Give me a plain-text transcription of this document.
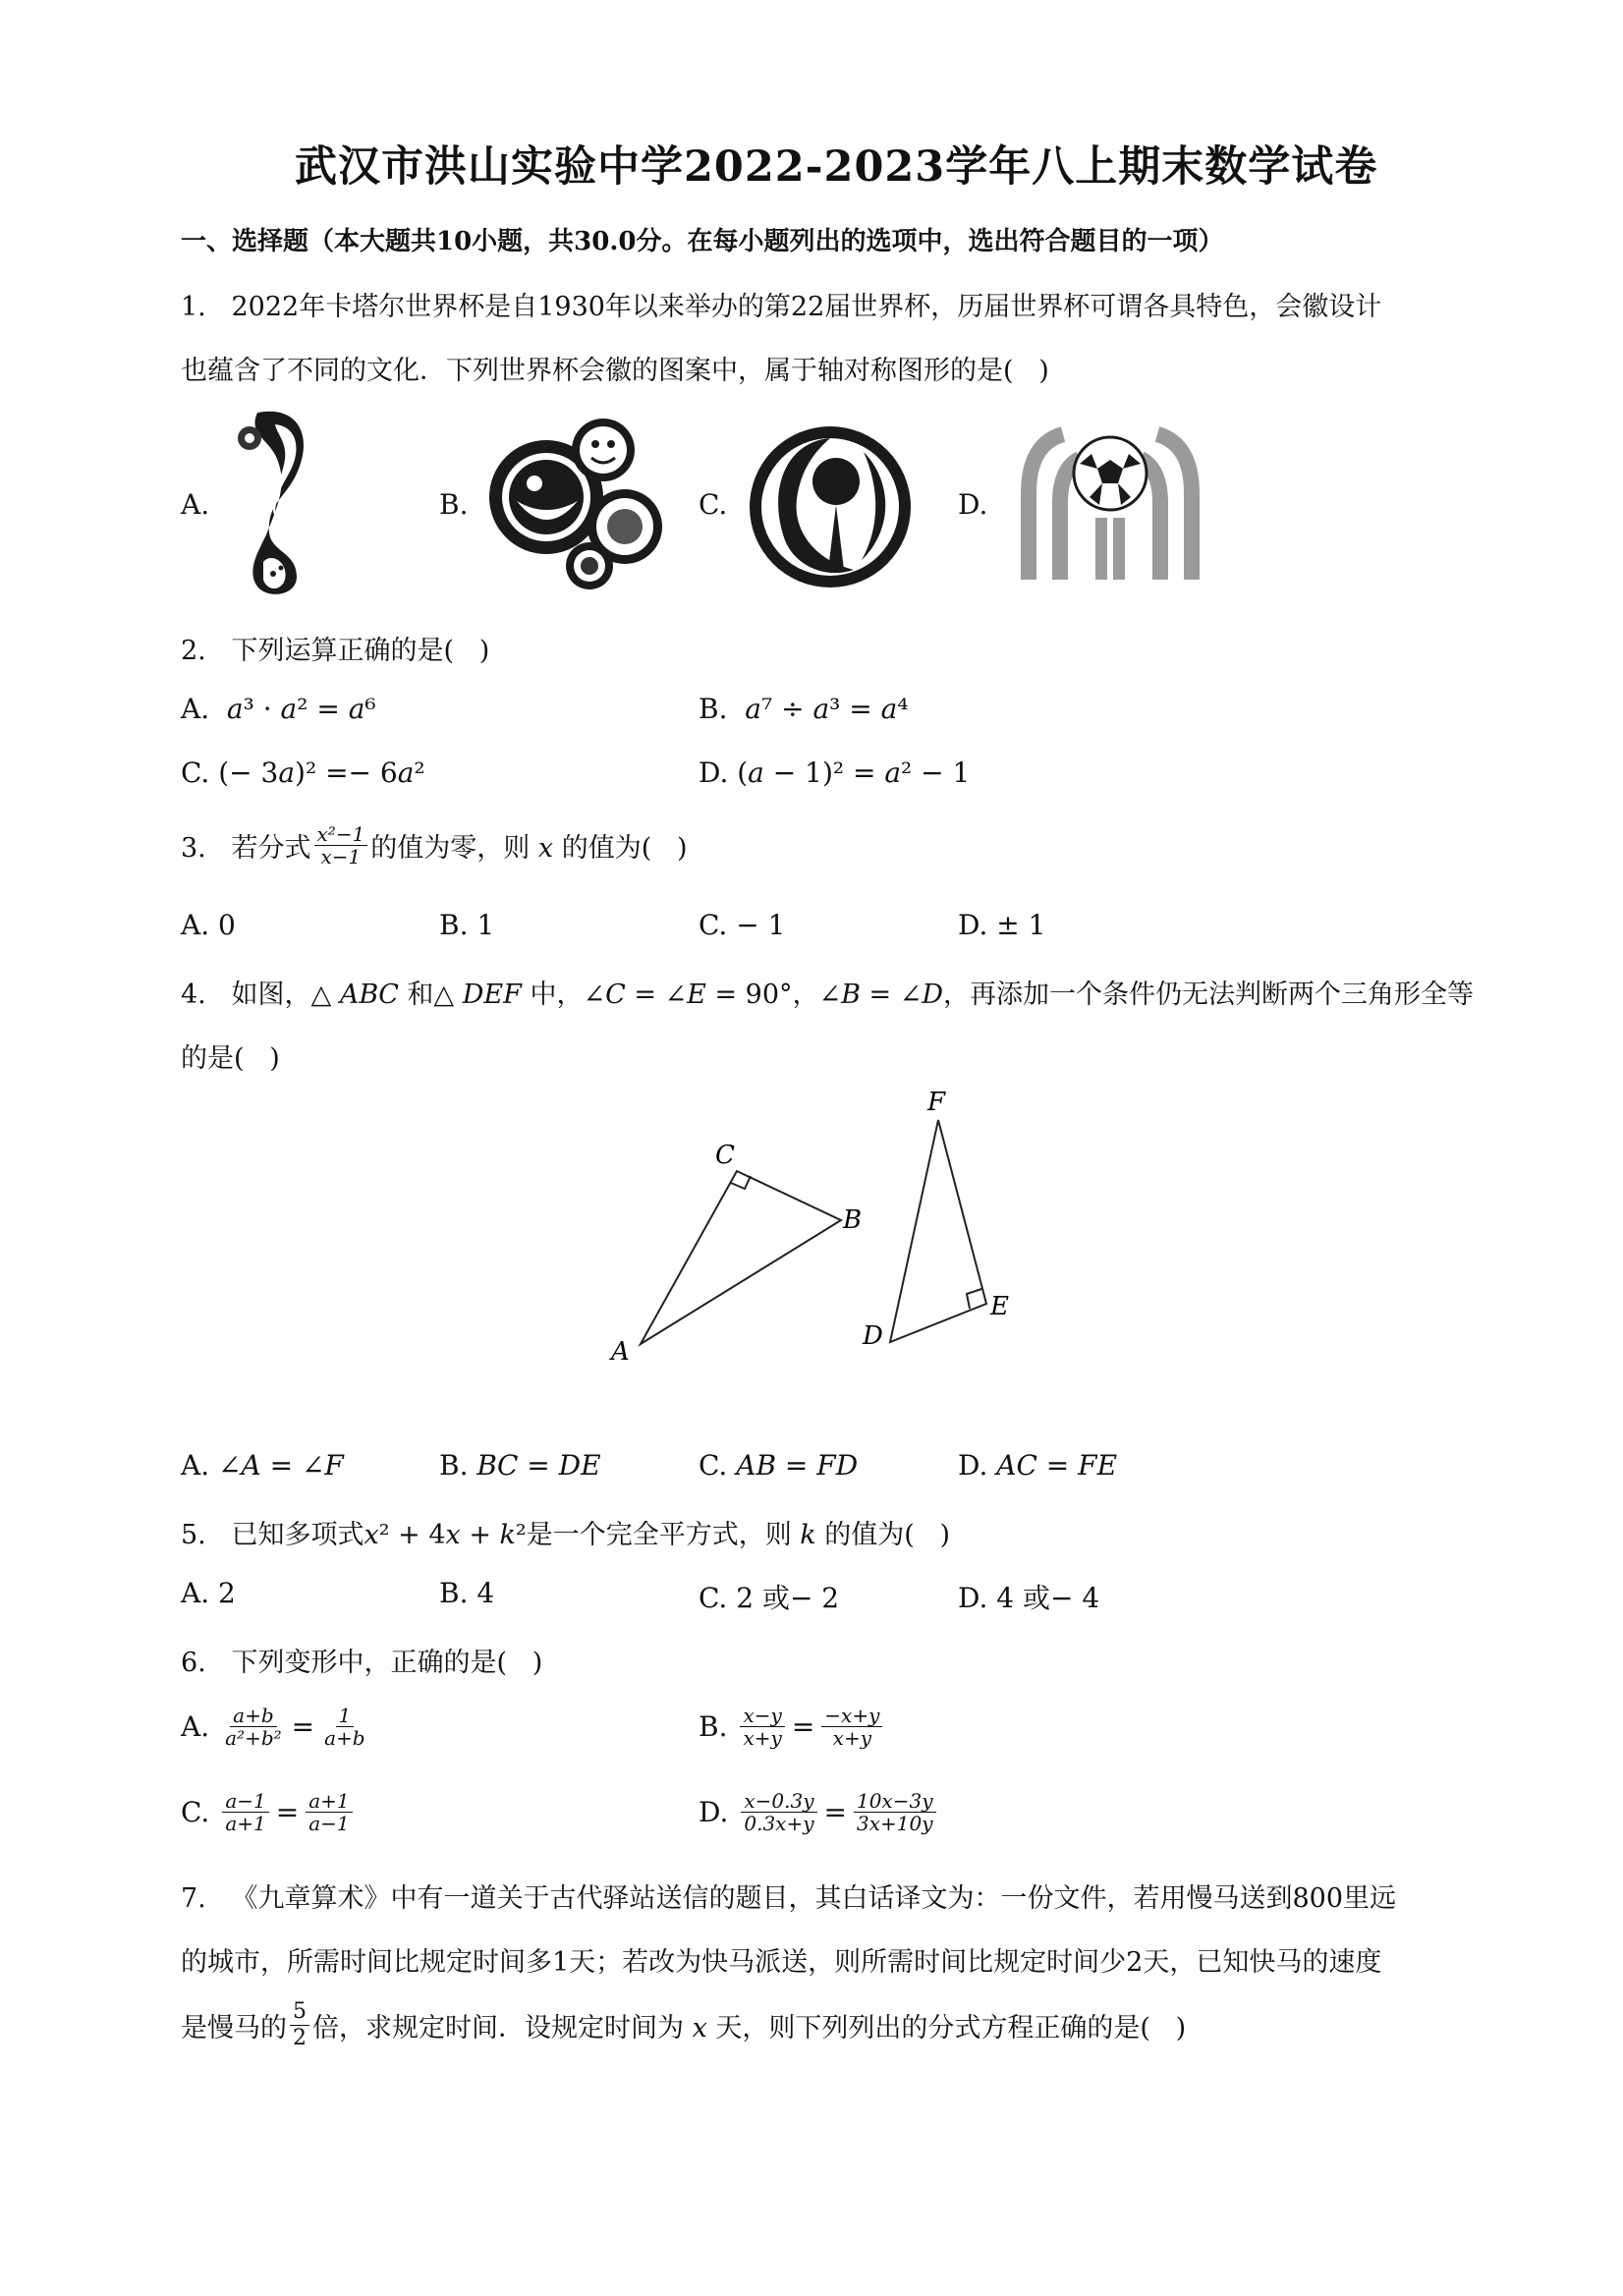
武汉市洪山实验中学2022-2023学年八上期末数学试卷
一、选择题（本大题共10小题，共30.0分。在每小题列出的选项中，选出符合题目的一项）
1.   2022年卡塔尔世界杯是自1930年以来举办的第22届世界杯，历届世界杯可谓各具特色，会徽设计
也蕴含了不同的文化．下列世界杯会徽的图案中，属于轴对称图形的是(   )
A.	B.	C.	D.
2.   下列运算正确的是(   )
A.  𝑎³ · 𝑎² = 𝑎⁶	B.  𝑎⁷ ÷ 𝑎³ = 𝑎⁴
C. (− 3𝑎)² =− 6𝑎²	D. (𝑎 − 1)² = 𝑎² − 1
3.   若分式 $\frac{\text{x²−1}}{x-1}$ 的值为零，则 𝑥 的值为(   )
A. 0	B. 1	C. − 1	D. ± 1
4.   如图，△ 𝐴𝐵𝐶 和△ 𝐷𝐸𝐹 中，∠𝐶 = ∠𝐸 = 90°，∠𝐵 = ∠𝐷，再添加一个条件仍无法判断两个三角形全等
的是(   )
A
C
B
F
D
E
A. ∠𝐴 = ∠𝐹	B. 𝐵𝐶 = 𝐷𝐸	C. 𝐴𝐵 = 𝐹𝐷	D. 𝐴𝐶 = 𝐹𝐸
5.   已知多项式𝑥² + 4𝑥 + 𝑘²是一个完全平方式，则 𝑘 的值为(   )
A. 2	B. 4	C. 2 或− 2	D. 4 或− 4
6.   下列变形中，正确的是(   )
A. $\frac{a+b}{\text{a²+b²}} = \frac{1}{a+b}$	B. $\frac{x-y}{x+y} = \frac{-x+y}{x+y}$
C. $\frac{a-1}{a+1} = \frac{a+1}{a-1}$	D. $\frac{x-0.3y}{0.3x+y} = \frac{10x-3y}{3x+10y}$
7.   《九章算术》中有一道关于古代驿站送信的题目，其白话译文为：一份文件，若用慢马送到800里远
的城市，所需时间比规定时间多1天；若改为快马派送，则所需时间比规定时间少2天，已知快马的速度
是慢马的 $\frac{5}{2}$ 倍，求规定时间．设规定时间为 𝑥 天，则下列列出的分式方程正确的是(   )
